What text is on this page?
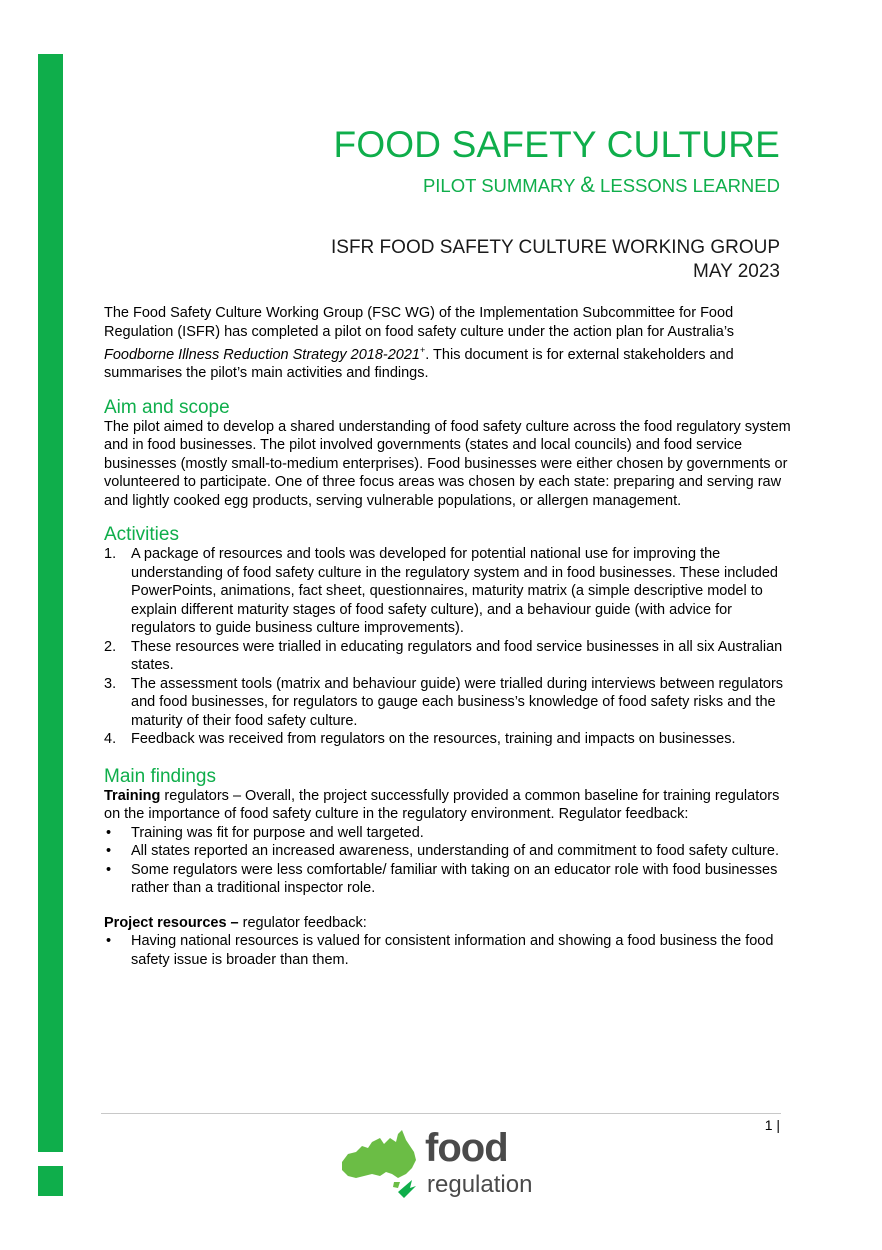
FOOD SAFETY CULTURE
PILOT SUMMARY & LESSONS LEARNED
ISFR FOOD SAFETY CULTURE WORKING GROUP
MAY 2023

The Food Safety Culture Working Group (FSC WG) of the Implementation Subcommittee for Food Regulation (ISFR) has completed a pilot on food safety culture under the action plan for Australia’s Foodborne Illness Reduction Strategy 2018-2021+. This document is for external stakeholders and summarises the pilot’s main activities and findings.

Aim and scope

The pilot aimed to develop a shared understanding of food safety culture across the food regulatory system and in food businesses. The pilot involved governments (states and local councils) and food service businesses (mostly small-to-medium enterprises). Food businesses were either chosen by governments or volunteered to participate. One of three focus areas was chosen by each state: preparing and serving raw and lightly cooked egg products, serving vulnerable populations, or allergen management.

Activities
1. A package of resources and tools was developed for potential national use for improving the understanding of food safety culture in the regulatory system and in food businesses. These included PowerPoints, animations, fact sheet, questionnaires, maturity matrix (a simple descriptive model to explain different maturity stages of food safety culture), and a behaviour guide (with advice for regulators to guide business culture improvements).
2. These resources were trialled in educating regulators and food service businesses in all six Australian states.
3. The assessment tools (matrix and behaviour guide) were trialled during interviews between regulators and food businesses, for regulators to gauge each business’s knowledge of food safety risks and the maturity of their food safety culture.
4. Feedback was received from regulators on the resources, training and impacts on businesses.
Main findings

Training regulators – Overall, the project successfully provided a common baseline for training regulators on the importance of food safety culture in the regulatory environment. Regulator feedback:

• Training was fit for purpose and well targeted.
• All states reported an increased awareness, understanding of and commitment to food safety culture.
• Some regulators were less comfortable/ familiar with taking on an educator role with food businesses rather than a traditional inspector role.

Project resources – regulator feedback:

• Having national resources is valued for consistent information and showing a food business the food safety issue is broader than them.
1 |
food
regulation
